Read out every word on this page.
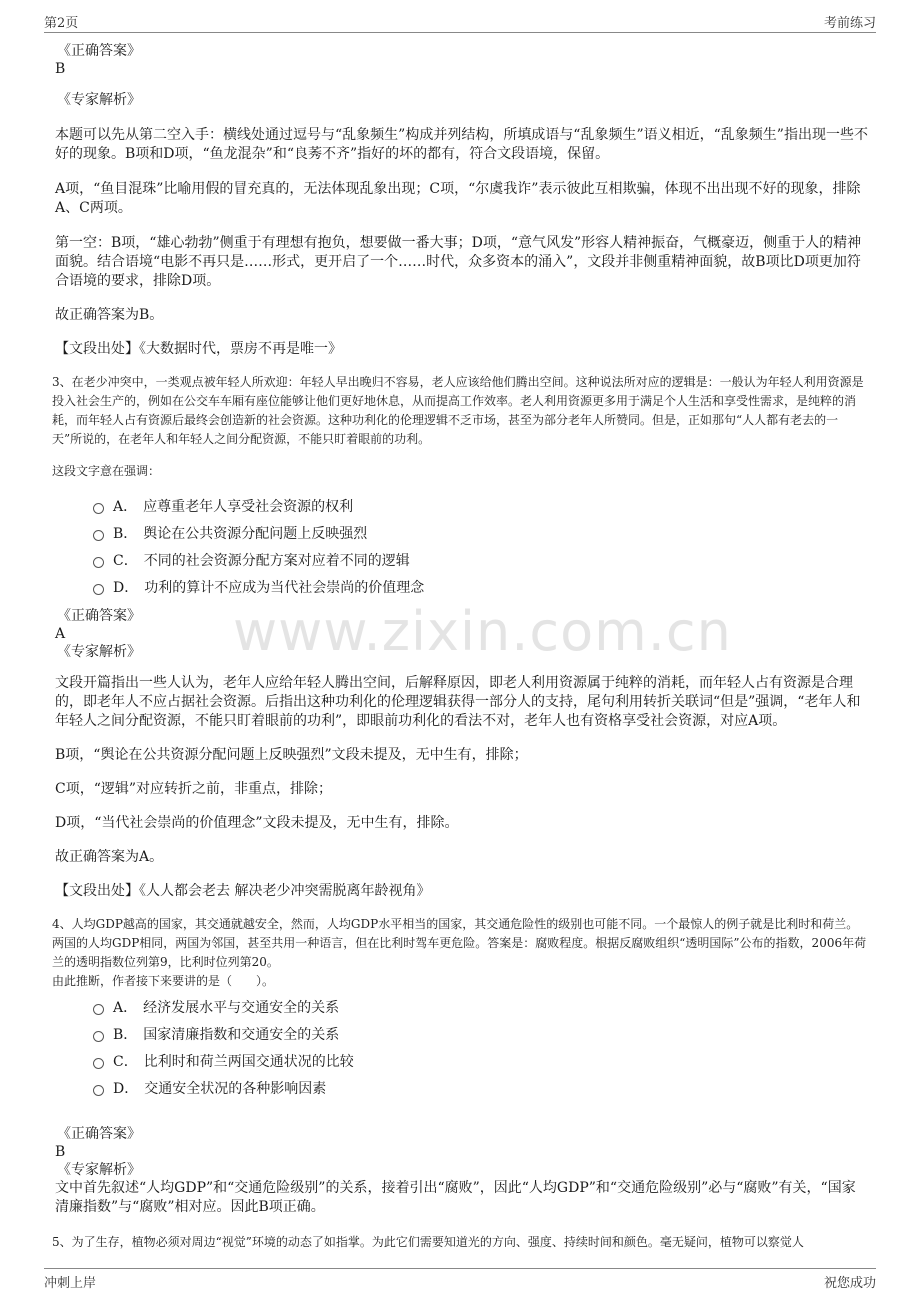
第2页	考前练习
www.zixin.com.cn

《正确答案》

B

《专家解析》

本题可以先从第二空入手：横线处通过逗号与“乱象频生”构成并列结构，所填成语与“乱象频生”语义相近，“乱象频生”指出现一些不好的现象。B项和D项，“鱼龙混杂”和“良莠不齐”指好的坏的都有，符合文段语境，保留。

A项，“鱼目混珠”比喻用假的冒充真的，无法体现乱象出现；C项，“尔虞我诈”表示彼此互相欺骗，体现不出出现不好的现象，排除A、C两项。

第一空：B项，“雄心勃勃”侧重于有理想有抱负，想要做一番大事；D项，“意气风发”形容人精神振奋，气概豪迈，侧重于人的精神面貌。结合语境“电影不再只是……形式，更开启了一个……时代，众多资本的涌入”，文段并非侧重精神面貌，故B项比D项更加符合语境的要求，排除D项。

故正确答案为B。

【文段出处】《大数据时代，票房不再是唯一》

3、在老少冲突中，一类观点被年轻人所欢迎：年轻人早出晚归不容易，老人应该给他们腾出空间。这种说法所对应的逻辑是：一般认为年轻人利用资源是投入社会生产的，例如在公交车车厢有座位能够让他们更好地休息，从而提高工作效率。老人利用资源更多用于满足个人生活和享受性需求，是纯粹的消耗，而年轻人占有资源后最终会创造新的社会资源。这种功利化的伦理逻辑不乏市场，甚至为部分老年人所赞同。但是，正如那句“人人都有老去的一天”所说的，在老年人和年轻人之间分配资源，不能只盯着眼前的功利。

这段文字意在强调：

A． 应尊重老年人享受社会资源的权利
B． 舆论在公共资源分配问题上反映强烈
C． 不同的社会资源分配方案对应着不同的逻辑
D． 功利的算计不应成为当代社会崇尚的价值理念

《正确答案》

A

《专家解析》

文段开篇指出一些人认为，老年人应给年轻人腾出空间，后解释原因，即老人利用资源属于纯粹的消耗，而年轻人占有资源是合理的，即老年人不应占据社会资源。后指出这种功利化的伦理逻辑获得一部分人的支持，尾句利用转折关联词“但是”强调，“老年人和年轻人之间分配资源，不能只盯着眼前的功利”，即眼前功利化的看法不对，老年人也有资格享受社会资源，对应A项。

B项，“舆论在公共资源分配问题上反映强烈”文段未提及，无中生有，排除；

C项，“逻辑”对应转折之前，非重点，排除；

D项，“当代社会崇尚的价值理念”文段未提及，无中生有，排除。

故正确答案为A。

【文段出处】《人人都会老去 解决老少冲突需脱离年龄视角》

4、人均GDP越高的国家，其交通就越安全，然而，人均GDP水平相当的国家，其交通危险性的级别也可能不同。一个最惊人的例子就是比利时和荷兰。两国的人均GDP相同，两国为邻国，甚至共用一种语言，但在比利时驾车更危险。答案是：腐败程度。根据反腐败组织“透明国际”公布的指数，2006年荷兰的透明指数位列第9，比利时位列第20。

由此推断，作者接下来要讲的是（　　）。

A． 经济发展水平与交通安全的关系
B． 国家清廉指数和交通安全的关系
C． 比利时和荷兰两国交通状况的比较
D． 交通安全状况的各种影响因素

《正确答案》

B

《专家解析》

文中首先叙述“人均GDP”和“交通危险级别”的关系，接着引出“腐败”，因此“人均GDP”和“交通危险级别”必与“腐败”有关，“国家清廉指数”与“腐败”相对应。因此B项正确。

5、为了生存，植物必须对周边“视觉”环境的动态了如指掌。为此它们需要知道光的方向、强度、持续时间和颜色。毫无疑问，植物可以察觉人

冲刺上岸	祝您成功
